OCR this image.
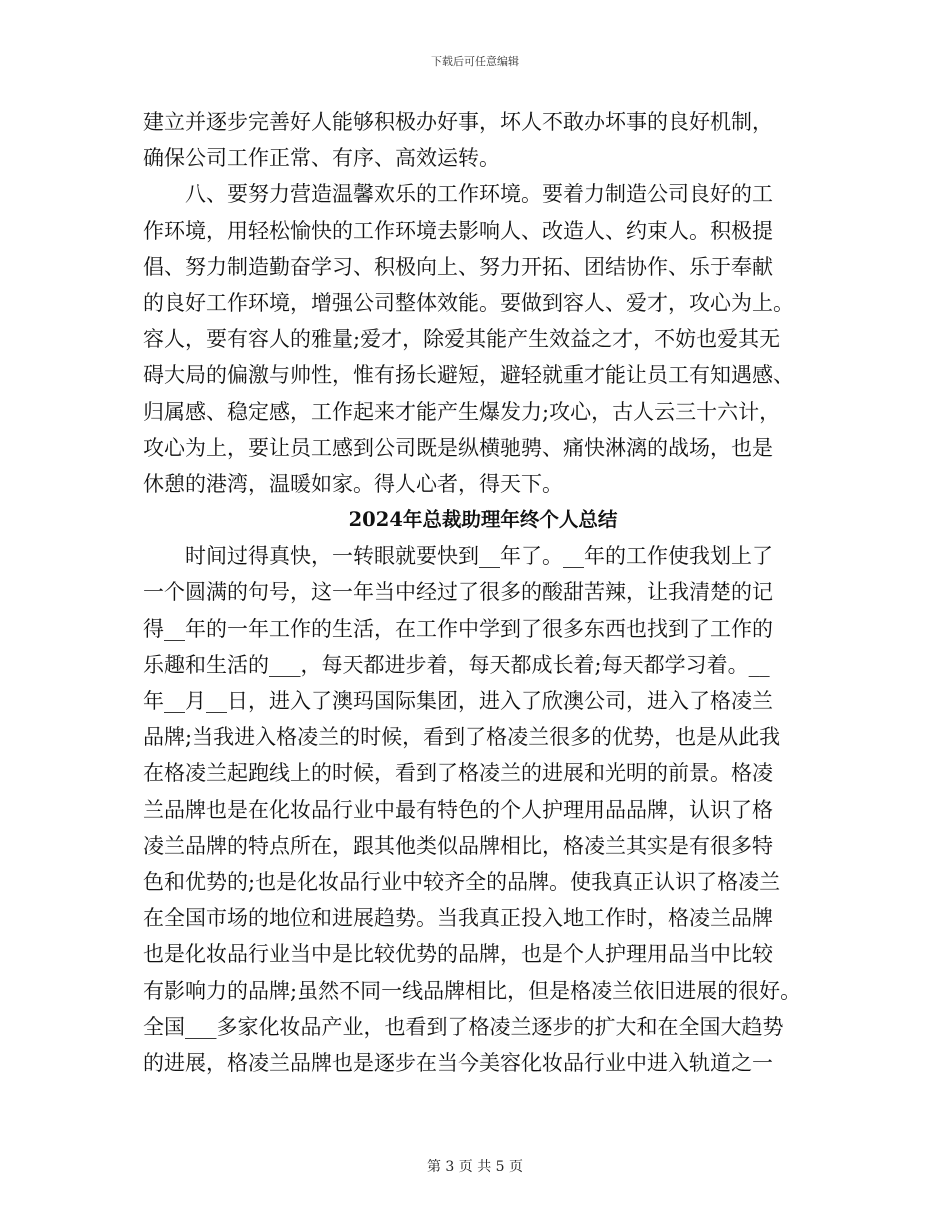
下载后可任意编辑
建立并逐步完善好人能够积极办好事，坏人不敢办坏事的良好机制，
确保公司工作正常、有序、高效运转。
八、要努力营造温馨欢乐的工作环境。要着力制造公司良好的工
作环境，用轻松愉快的工作环境去影响人、改造人、约束人。积极提
倡、努力制造勤奋学习、积极向上、努力开拓、团结协作、乐于奉献
的良好工作环境，增强公司整体效能。要做到容人、爱才，攻心为上。
容人，要有容人的雅量;爱才，除爱其能产生效益之才，不妨也爱其无
碍大局的偏激与帅性，惟有扬长避短，避轻就重才能让员工有知遇感、
归属感、稳定感，工作起来才能产生爆发力;攻心，古人云三十六计，
攻心为上，要让员工感到公司既是纵横驰骋、痛快淋漓的战场，也是
休憩的港湾，温暖如家。得人心者，得天下。
2024年总裁助理年终个人总结
时间过得真快，一转眼就要快到__年了。__年的工作使我划上了
一个圆满的句号，这一年当中经过了很多的酸甜苦辣，让我清楚的记
得__年的一年工作的生活，在工作中学到了很多东西也找到了工作的
乐趣和生活的___，每天都进步着，每天都成长着;每天都学习着。__
年__月__日，进入了澳玛国际集团，进入了欣澳公司，进入了格凌兰
品牌;当我进入格凌兰的时候，看到了格凌兰很多的优势，也是从此我
在格凌兰起跑线上的时候，看到了格凌兰的进展和光明的前景。格凌
兰品牌也是在化妆品行业中最有特色的个人护理用品品牌，认识了格
凌兰品牌的特点所在，跟其他类似品牌相比，格凌兰其实是有很多特
色和优势的;也是化妆品行业中较齐全的品牌。使我真正认识了格凌兰
在全国市场的地位和进展趋势。当我真正投入地工作时，格凌兰品牌
也是化妆品行业当中是比较优势的品牌，也是个人护理用品当中比较
有影响力的品牌;虽然不同一线品牌相比，但是格凌兰依旧进展的很好。
全国___多家化妆品产业，也看到了格凌兰逐步的扩大和在全国大趋势
的进展，格凌兰品牌也是逐步在当今美容化妆品行业中进入轨道之一
第 3 页 共 5 页
